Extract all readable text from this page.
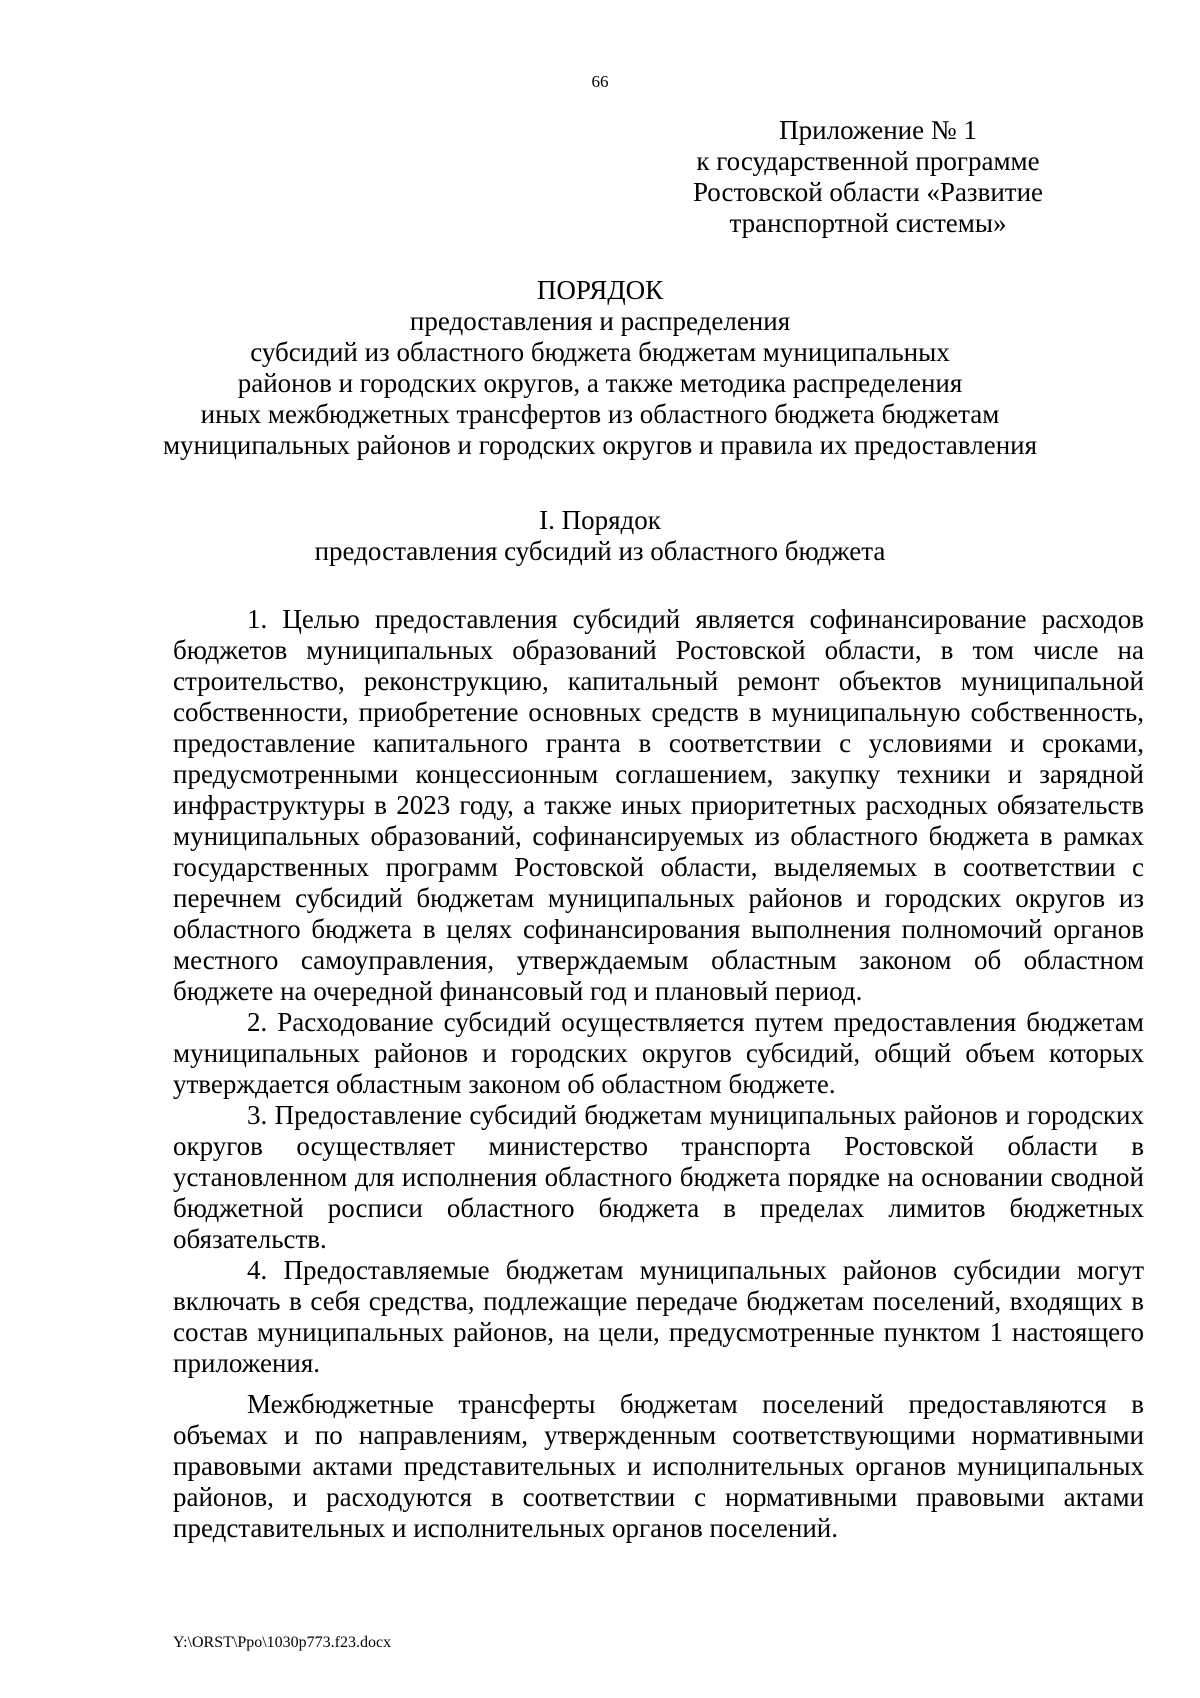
66
Приложение № 1
к государственной программе
Ростовской области «Развитие
транспортной системы»
ПОРЯДОК
предоставления и распределения
субсидий из областного бюджета бюджетам муниципальных
районов и городских округов, а также методика распределения
иных межбюджетных трансфертов из областного бюджета бюджетам
муниципальных районов и городских округов и правила их предоставления
I. Порядок
предоставления субсидий из областного бюджета

1. Целью предоставления субсидий является софинансирование расходов бюджетов муниципальных образований Ростовской области, в том числе на строительство, реконструкцию, капитальный ремонт объектов муниципальной собственности, приобретение основных средств в муниципальную собственность, предоставление капитального гранта в соответствии с условиями и сроками, предусмотренными концессионным соглашением, закупку техники и зарядной инфраструктуры в 2023 году, а также иных приоритетных расходных обязательств муниципальных образований, софинансируемых из областного бюджета в рамках государственных программ Ростовской области, выделяемых в соответствии с перечнем субсидий бюджетам муниципальных районов и городских округов из областного бюджета в целях софинансирования выполнения полномочий органов местного самоуправления, утверждаемым областным законом об областном бюджете на очередной финансовый год и плановый период.

2. Расходование субсидий осуществляется путем предоставления бюджетам муниципальных районов и городских округов субсидий, общий объем которых утверждается областным законом об областном бюджете.

3. Предоставление субсидий бюджетам муниципальных районов и городских округов осуществляет министерство транспорта Ростовской области в установленном для исполнения областного бюджета порядке на основании сводной бюджетной росписи областного бюджета в пределах лимитов бюджетных обязательств.

4. Предоставляемые бюджетам муниципальных районов субсидии могут включать в себя средства, подлежащие передаче бюджетам поселений, входящих в состав муниципальных районов, на цели, предусмотренные пунктом 1 настоящего приложения.

Межбюджетные трансферты бюджетам поселений предоставляются в объемах и по направлениям, утвержденным соответствующими нормативными правовыми актами представительных и исполнительных органов муниципальных районов, и расходуются в соответствии с нормативными правовыми актами представительных и исполнительных органов поселений.

Y:\ORST\Ppo\1030p773.f23.docx
